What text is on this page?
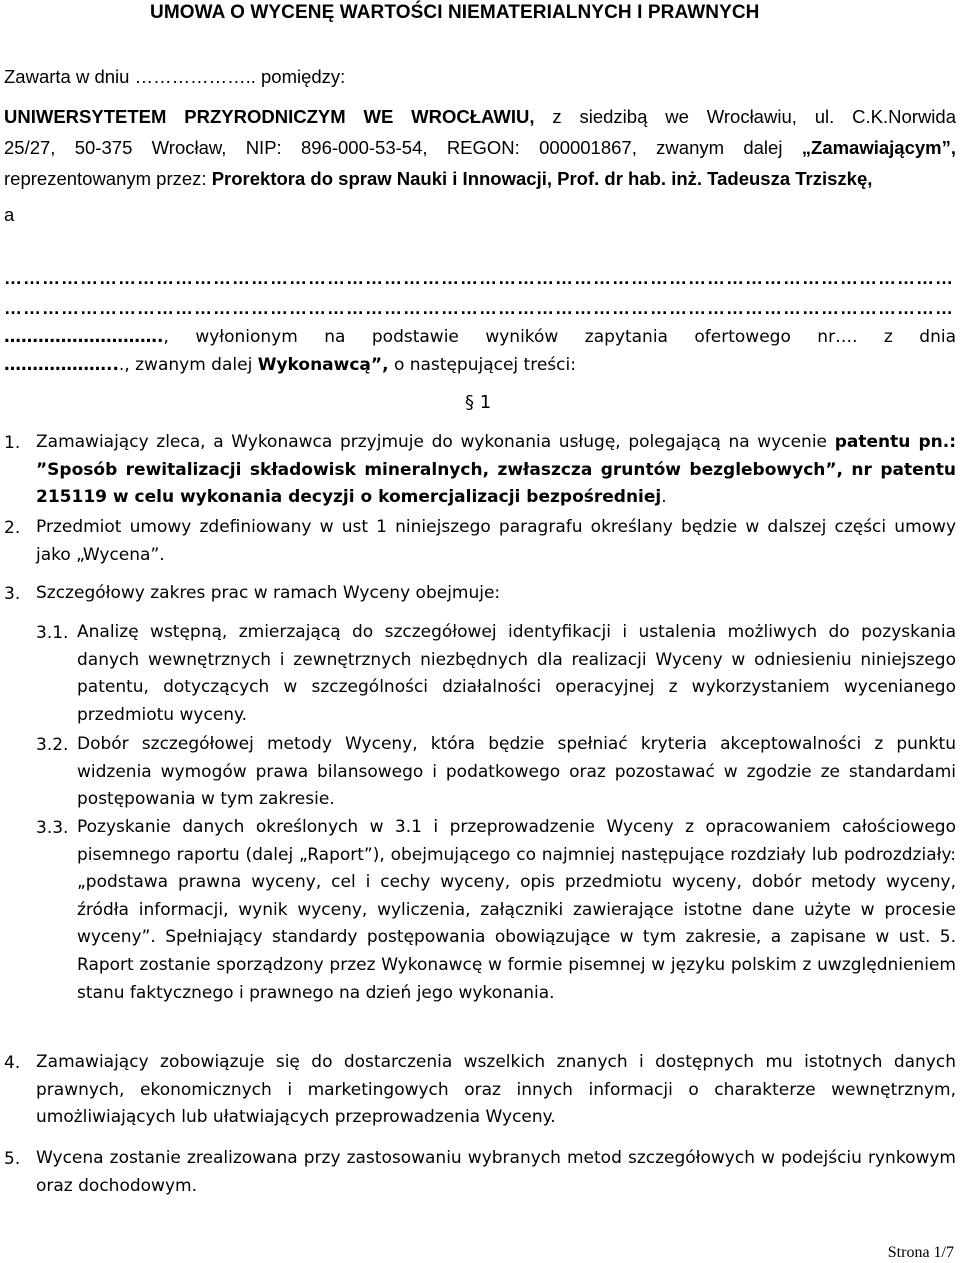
UMOWA O WYCENĘ WARTOŚCI NIEMATERIALNYCH I PRAWNYCH
Zawarta w dniu ……………….. pomiędzy:
UNIWERSYTETEM PRZYRODNICZYM WE WROCŁAWIU, z siedzibą we Wrocławiu, ul. C.K.Norwida
25/27, 50-375 Wrocław, NIP: 896-000-53-54, REGON: 000001867, zwanym dalej „Zamawiającym”,
reprezentowanym przez: Prorektora do spraw Nauki i Innowacji, Prof. dr hab. inż. Tadeusza Trziszkę,
a
……………………………………………………………………………………………………………………………………
……………………………………………………………………………………………………………………………………
………………………., wyłonionym na podstawie wyników zapytania ofertowego nr…. z dnia
………………..., zwanym dalej Wykonawcą”, o następującej treści:
§ 1
1. Zamawiający zleca, a Wykonawca przyjmuje do wykonania usługę, polegającą na wycenie patentu pn.: ”Sposób rewitalizacji składowisk mineralnych, zwłaszcza gruntów bezglebowych”, nr patentu 215119 w celu wykonania decyzji o komercjalizacji bezpośredniej.

2. Przedmiot umowy zdefiniowany w ust 1 niniejszego paragrafu określany będzie w dalszej części umowy jako „Wycena”.

3. Szczegółowy zakres prac w ramach Wyceny obejmuje:

3.1. Analizę wstępną, zmierzającą do szczegółowej identyfikacji i ustalenia możliwych do pozyskania danych wewnętrznych i zewnętrznych niezbędnych dla realizacji Wyceny w odniesieniu niniejszego patentu, dotyczących w szczególności działalności operacyjnej z wykorzystaniem wycenianego przedmiotu wyceny.

3.2. Dobór szczegółowej metody Wyceny, która będzie spełniać kryteria akceptowalności z punktu widzenia wymogów prawa bilansowego i podatkowego oraz pozostawać w zgodzie ze standardami postępowania w tym zakresie.

3.3. Pozyskanie danych określonych w 3.1 i przeprowadzenie Wyceny z opracowaniem całościowego pisemnego raportu (dalej „Raport”), obejmującego co najmniej następujące rozdziały lub podrozdziały: „podstawa prawna wyceny, cel i cechy wyceny, opis przedmiotu wyceny, dobór metody wyceny, źródła informacji, wynik wyceny, wyliczenia, załączniki zawierające istotne dane użyte w procesie wyceny”. Spełniający standardy postępowania obowiązujące w tym zakresie, a zapisane w ust. 5. Raport zostanie sporządzony przez Wykonawcę w formie pisemnej w języku polskim z uwzględnieniem stanu faktycznego i prawnego na dzień jego wykonania.

4. Zamawiający zobowiązuje się do dostarczenia wszelkich znanych i dostępnych mu istotnych danych prawnych, ekonomicznych i marketingowych oraz innych informacji o charakterze wewnętrznym, umożliwiających lub ułatwiających przeprowadzenia Wyceny.

5. Wycena zostanie zrealizowana przy zastosowaniu wybranych metod szczegółowych w podejściu rynkowym oraz dochodowym.

Strona 1/7
